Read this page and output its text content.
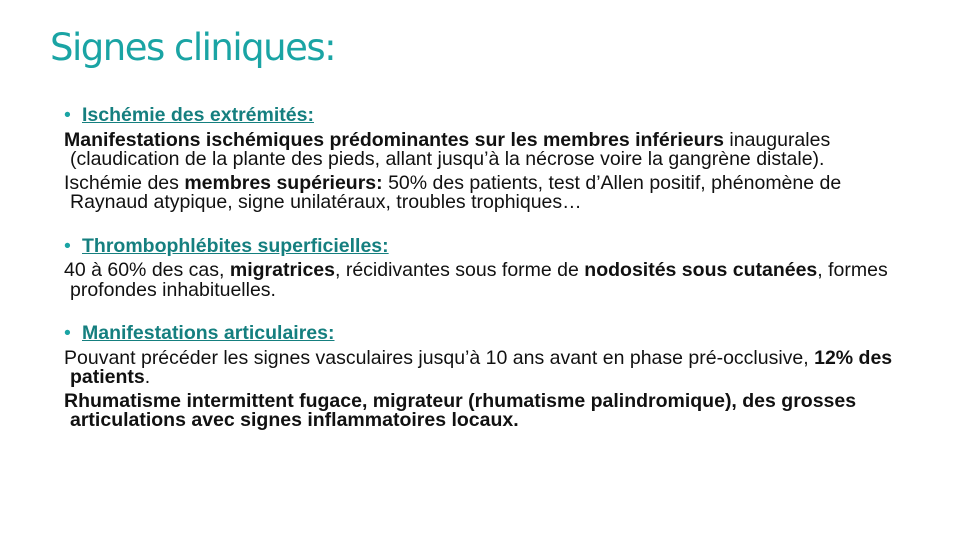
Signes cliniques:
• Ischémie des extrémités:

Manifestations ischémiques prédominantes sur les membres inférieurs inaugurales (claudication de la plante des pieds, allant jusqu’à la nécrose voire la gangrène distale).

Ischémie des membres supérieurs: 50% des patients, test d’Allen positif, phénomène de Raynaud atypique, signe unilatéraux, troubles trophiques…

• Thrombophlébites superficielles:

40 à 60% des cas, migratrices, récidivantes sous forme de nodosités sous cutanées, formes profondes inhabituelles.

• Manifestations articulaires:

Pouvant précéder les signes vasculaires jusqu’à 10 ans avant en phase pré-occlusive, 12% des patients.

Rhumatisme intermittent fugace, migrateur (rhumatisme palindromique), des grosses articulations avec signes inflammatoires locaux.
